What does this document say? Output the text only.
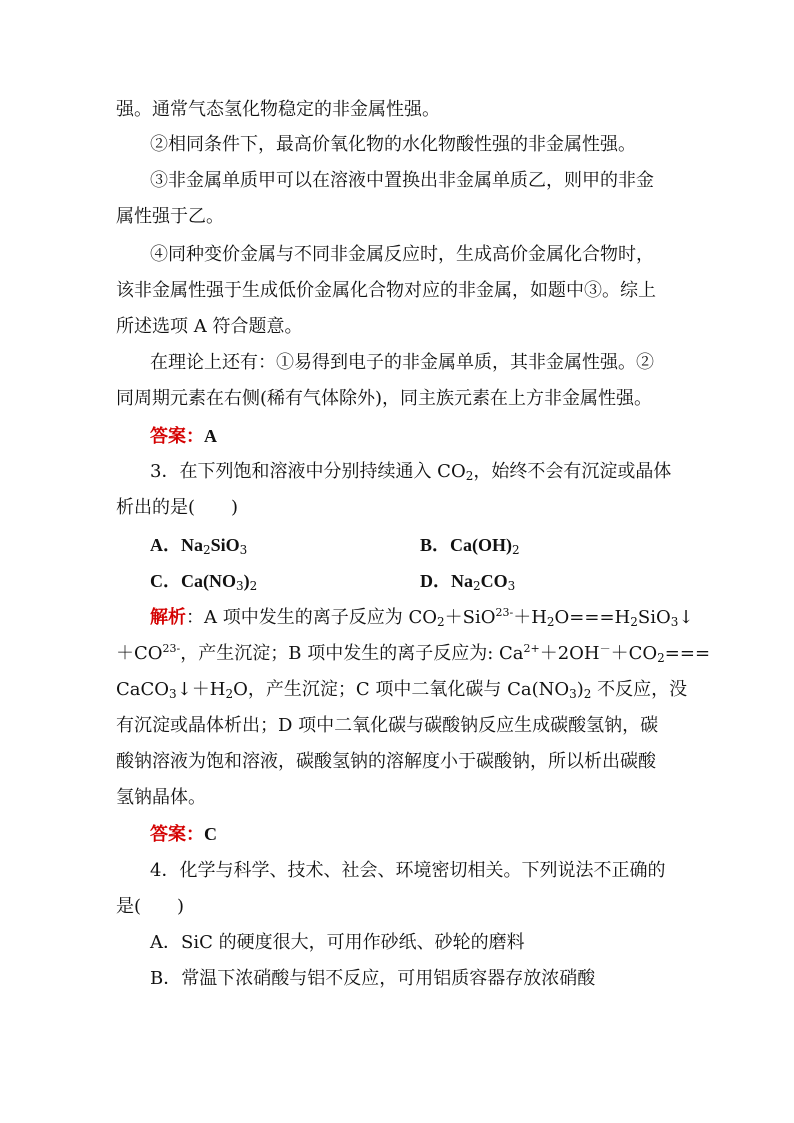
强。通常气态氢化物稳定的非金属性强。
②相同条件下，最高价氧化物的水化物酸性强的非金属性强。
③非金属单质甲可以在溶液中置换出非金属单质乙，则甲的非金
属性强于乙。
④同种变价金属与不同非金属反应时，生成高价金属化合物时，
该非金属性强于生成低价金属化合物对应的非金属，如题中③。综上
所述选项 A 符合题意。
在理论上还有：①易得到电子的非金属单质，其非金属性强。②
同周期元素在右侧(稀有气体除外)，同主族元素在上方非金属性强。
答案：A
3．在下列饱和溶液中分别持续通入 $CO_2$，始终不会有沉淀或晶体
析出的是(　　)
A．$Na_2SiO_3$	B．$Ca(OH)_2$
C．$Ca(NO_3)_2$	D．$Na_2CO_3$
解析：A 项中发生的离子反应为 $CO_2+SiO^{23-}+H_2O===H_2SiO_3↓$
$+CO^{23-}$，产生沉淀；B 项中发生的离子反应为: $Ca^{2+}+2OH^-+CO_2===$
$CaCO_3↓+H_2O$，产生沉淀；C 项中二氧化碳与 $Ca(NO_3)_2$ 不反应，没
有沉淀或晶体析出；D 项中二氧化碳与碳酸钠反应生成碳酸氢钠，碳
酸钠溶液为饱和溶液，碳酸氢钠的溶解度小于碳酸钠，所以析出碳酸
氢钠晶体。
答案：C
4．化学与科学、技术、社会、环境密切相关。下列说法不正确的
是(　　)
A．SiC 的硬度很大，可用作砂纸、砂轮的磨料
B．常温下浓硝酸与铝不反应，可用铝质容器存放浓硝酸
